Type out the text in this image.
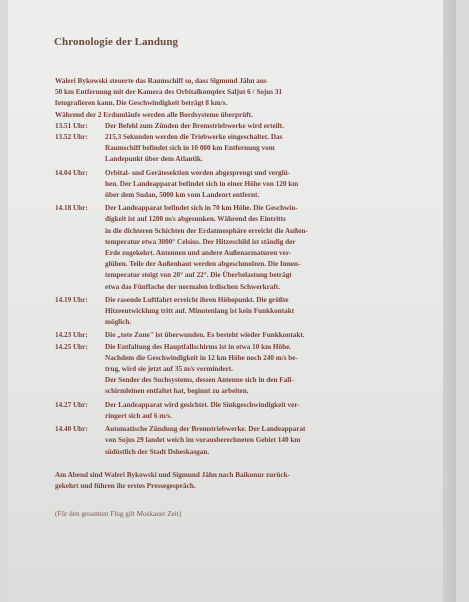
Chronologie der Landung

Waleri Bykowski steuerte das Raumschiff so, dass Sigmund Jähn aus
50 km Entfernung mit der Kamera des Orbitalkomplex Saljut 6 / Sojus 31
fotografieren kann. Die Geschwindigkeit beträgt 8 km/s.
Während der 2 Erdumläufe werden alle Bordsysteme überprüft.

13.51 Uhr:	Der Befehl zum Zünden der Bremstriebwerke wird erteilt.
13.52 Uhr:	215,3 Sekunden werden die Triebwerke eingeschaltet. Das
Raumschiff befindet sich in 10 000 km Entfernung vom
Landepunkt über dem Atlantik.
14.04 Uhr:	Orbital- und Gerätesektion werden abgesprengt und verglü-
hen. Der Landeapparat befindet sich in einer Höhe von 120 km
über dem Sudan, 5000 km vom Landeort entfernt.
14.18 Uhr:	Der Landeapparat befindet sich in 70 km Höhe. Die Geschwin-
digkeit ist auf 1200 m/s abgesunken. Während des Eintritts
in die dichteren Schichten der Erdatmosphäre erreicht die Außen-
temperatur etwa 3000° Celsius. Der Hitzeschild ist ständig der
Erde zugekehrt. Antennen und andere Außenarmaturen ver-
glühen. Teile der Außenhaut werden abgeschmolzen. Die Innen-
temperatur steigt von 20° auf 22°. Die Überbelastung beträgt
etwa das Fünffache der normalen irdischen Schwerkraft.
14.19 Uhr:	Die rasende Luftfahrt erreicht ihren Höhepunkt. Die größte
Hitzeentwicklung tritt auf. Minutenlang ist kein Funkkontakt
möglich.
14.23 Uhr:	Die „tote Zone" ist überwunden. Es besteht wieder Funkkontakt.
14.25 Uhr:	Die Entfaltung des Hauptfallschirms ist in etwa 10 km Höhe.
Nachdem die Geschwindigkeit in 12 km Höhe noch 240 m/s be-
trug, wird sie jetzt auf 35 m/s vermindert.
Der Sender des Suchsystems, dessen Antenne sich in den Fall-
schirmleinen entfaltet hat, beginnt zu arbeiten.
14.27 Uhr:	Der Landeapparat wird gesichtet. Die Sinkgeschwindigkeit ver-
ringert sich auf 6 m/s.
14.40 Uhr:	Automatische Zündung der Bremstriebwerke. Der Landeapparat
von Sojus 29 landet weich im vorausberechneten Gebiet 140 km
südöstlich der Stadt Dsheskasgan.

Am Abend sind Waleri Bykowski und Sigmund Jähn nach Baikonur zurück-
gekehrt und führen ihr erstes Pressegespräch.

(Für den gesamten Flug gilt Moskauer Zeit)
